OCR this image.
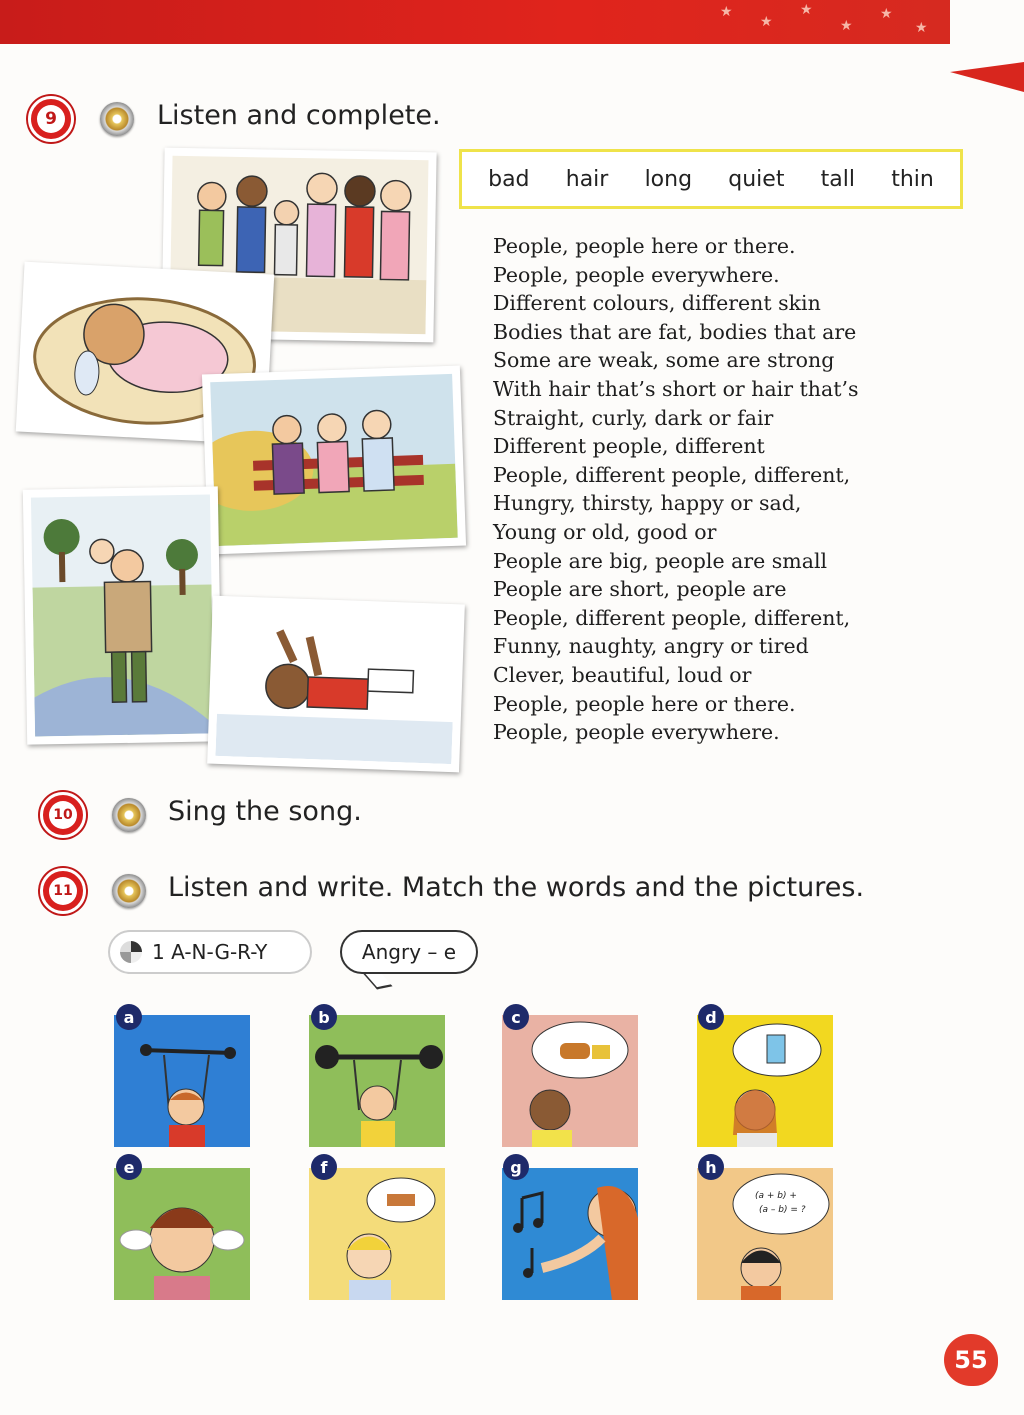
★
★
★
★
★
★
9	Listen and complete.
bad hair long quiet tall thin
People, people here or there.
People, people everywhere.
Different colours, different skin
Bodies that are fat, bodies that are
Some are weak, some are strong
With hair that’s short or hair that’s
Straight, curly, dark or fair
Different people, different
People, different people, different,
Hungry, thirsty, happy or sad,
Young or old, good or
People are big, people are small
People are short, people are
People, different people, different,
Funny, naughty, angry or tired
Clever, beautiful, loud or
People, people here or there.
People, people everywhere.
10	Sing the song.
11	Listen and write. Match the words and the pictures.
1 A-N-G-R-Y	Angry – e
a	b	c	d
e	f	g	h
(a + b) +
(a – b) = ?
55
